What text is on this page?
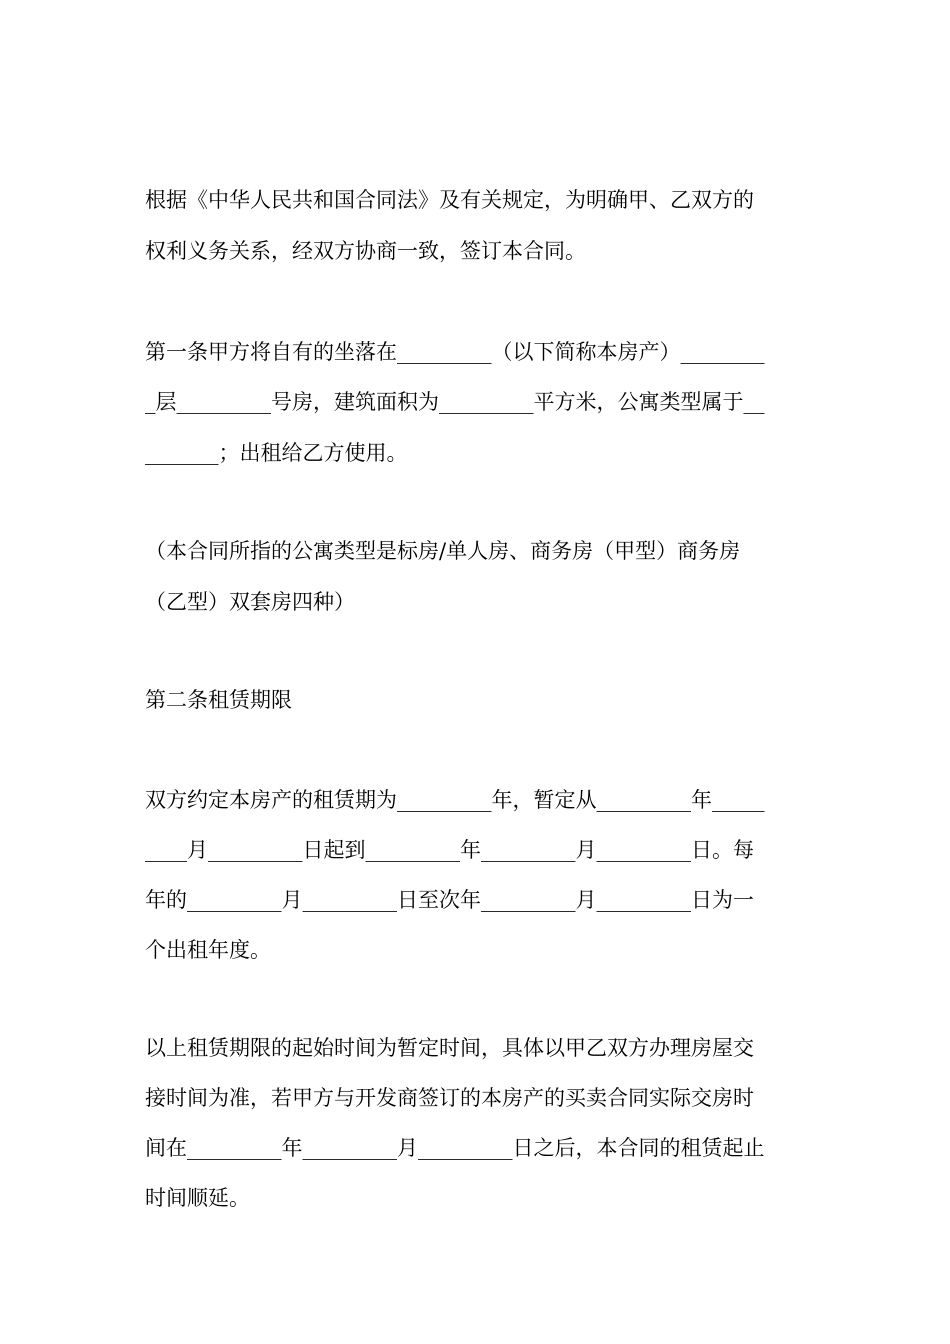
根据《中华人民共和国合同法》及有关规定，为明确甲、乙双方的
权利义务关系，经双方协商一致，签订本合同。
第一条甲方将自有的坐落在_________（以下简称本房产）________
_层_________号房，建筑面积为_________平方米，公寓类型属于__
_______；出租给乙方使用。
（本合同所指的公寓类型是标房/单人房、商务房（甲型）商务房
（乙型）双套房四种）
第二条租赁期限
双方约定本房产的租赁期为_________年，暂定从_________年_____
____月_________日起到_________年_________月_________日。每
年的_________月_________日至次年_________月_________日为一
个出租年度。
以上租赁期限的起始时间为暂定时间，具体以甲乙双方办理房屋交
接时间为准，若甲方与开发商签订的本房产的买卖合同实际交房时
间在_________年_________月_________日之后，本合同的租赁起止
时间顺延。
